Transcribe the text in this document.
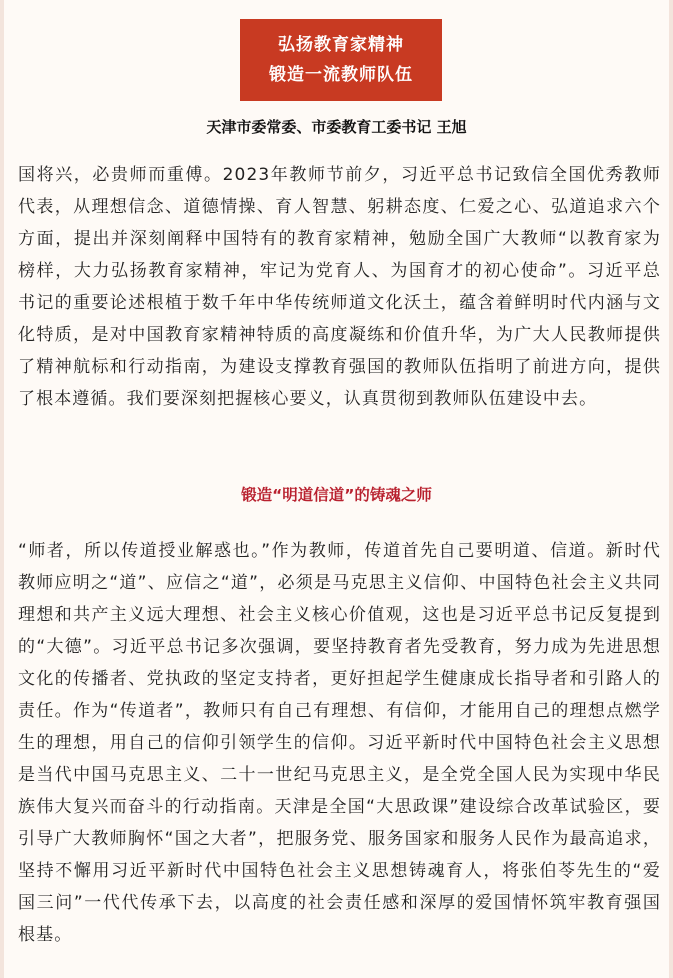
弘扬教育家精神
锻造一流教师队伍
天津市委常委、市委教育工委书记 王旭

国将兴，必贵师而重傅。2023年教师节前夕，习近平总书记致信全国优秀教师代表，从理想信念、道德情操、育人智慧、躬耕态度、仁爱之心、弘道追求六个方面，提出并深刻阐释中国特有的教育家精神，勉励全国广大教师“以教育家为榜样，大力弘扬教育家精神，牢记为党育人、为国育才的初心使命”。习近平总书记的重要论述根植于数千年中华传统师道文化沃土，蕴含着鲜明时代内涵与文化特质，是对中国教育家精神特质的高度凝练和价值升华，为广大人民教师提供了精神航标和行动指南，为建设支撑教育强国的教师队伍指明了前进方向，提供了根本遵循。我们要深刻把握核心要义，认真贯彻到教师队伍建设中去。

锻造“明道信道”的铸魂之师

“师者，所以传道授业解惑也。”作为教师，传道首先自己要明道、信道。新时代教师应明之“道”、应信之“道”，必须是马克思主义信仰、中国特色社会主义共同理想和共产主义远大理想、社会主义核心价值观，这也是习近平总书记反复提到的“大德”。习近平总书记多次强调，要坚持教育者先受教育，努力成为先进思想文化的传播者、党执政的坚定支持者，更好担起学生健康成长指导者和引路人的责任。作为“传道者”，教师只有自己有理想、有信仰，才能用自己的理想点燃学生的理想，用自己的信仰引领学生的信仰。习近平新时代中国特色社会主义思想是当代中国马克思主义、二十一世纪马克思主义，是全党全国人民为实现中华民族伟大复兴而奋斗的行动指南。天津是全国“大思政课”建设综合改革试验区，要引导广大教师胸怀“国之大者”，把服务党、服务国家和服务人民作为最高追求，坚持不懈用习近平新时代中国特色社会主义思想铸魂育人，将张伯苓先生的“爱国三问”一代代传承下去，以高度的社会责任感和深厚的爱国情怀筑牢教育强国根基。
